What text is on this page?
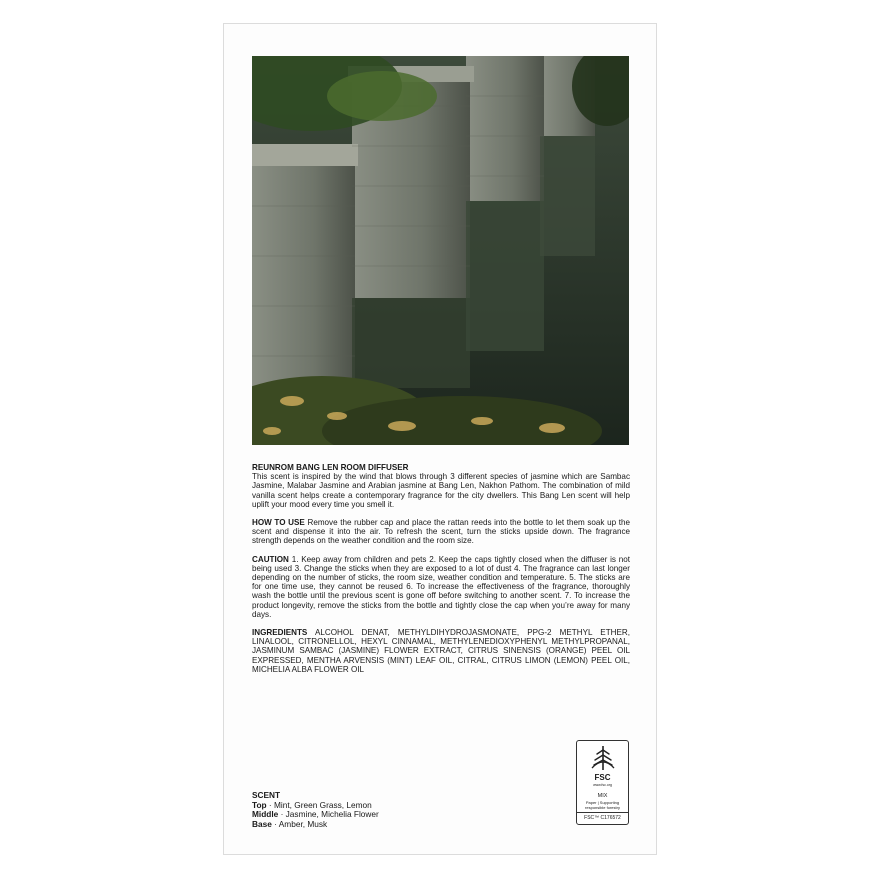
REUNROM BANG LEN ROOM DIFFUSER
This scent is inspired by the wind that blows through 3 different species of jasmine which are Sambac Jasmine, Malabar Jasmine and Arabian jasmine at Bang Len, Nakhon Pathom. The combination of mild vanilla scent helps create a contemporary fragrance for the city dwellers. This Bang Len scent will help uplift your mood every time you smell it.

HOW TO USE Remove the rubber cap and place the rattan reeds into the bottle to let them soak up the scent and dispense it into the air. To refresh the scent, turn the sticks upside down. The fragrance strength depends on the weather condition and the room size.

CAUTION 1. Keep away from children and pets 2. Keep the caps tightly closed when the diffuser is not being used 3. Change the sticks when they are exposed to a lot of dust 4. The fragrance can last longer depending on the number of sticks, the room size, weather condition and temperature. 5. The sticks are for one time use, they cannot be reused 6. To increase the effectiveness of the fragrance, thoroughly wash the bottle until the previous scent is gone off before switching to another scent. 7. To increase the product longevity, remove the sticks from the bottle and tightly close the cap when you’re away for many days.

INGREDIENTS ALCOHOL DENAT, METHYLDIHYDROJASMONATE, PPG-2 METHYL ETHER, LINALOOL, CITRONELLOL, HEXYL CINNAMAL, METHYLENEDIOXYPHENYL METHYLPROPANAL, JASMINUM SAMBAC (JASMINE) FLOWER EXTRACT, CITRUS SINENSIS (ORANGE) PEEL OIL EXPRESSED, MENTHA ARVENSIS (MINT) LEAF OIL, CITRAL, CITRUS LIMON (LEMON) PEEL OIL, MICHELIA ALBA FLOWER OIL

SCENT
Top · Mint, Green Grass, Lemon
Middle · Jasmine, Michelia Flower
Base · Amber, Musk
FSC
www.fsc.org
MIX
Paper | Supporting responsible forestry
FSC™ C176572
